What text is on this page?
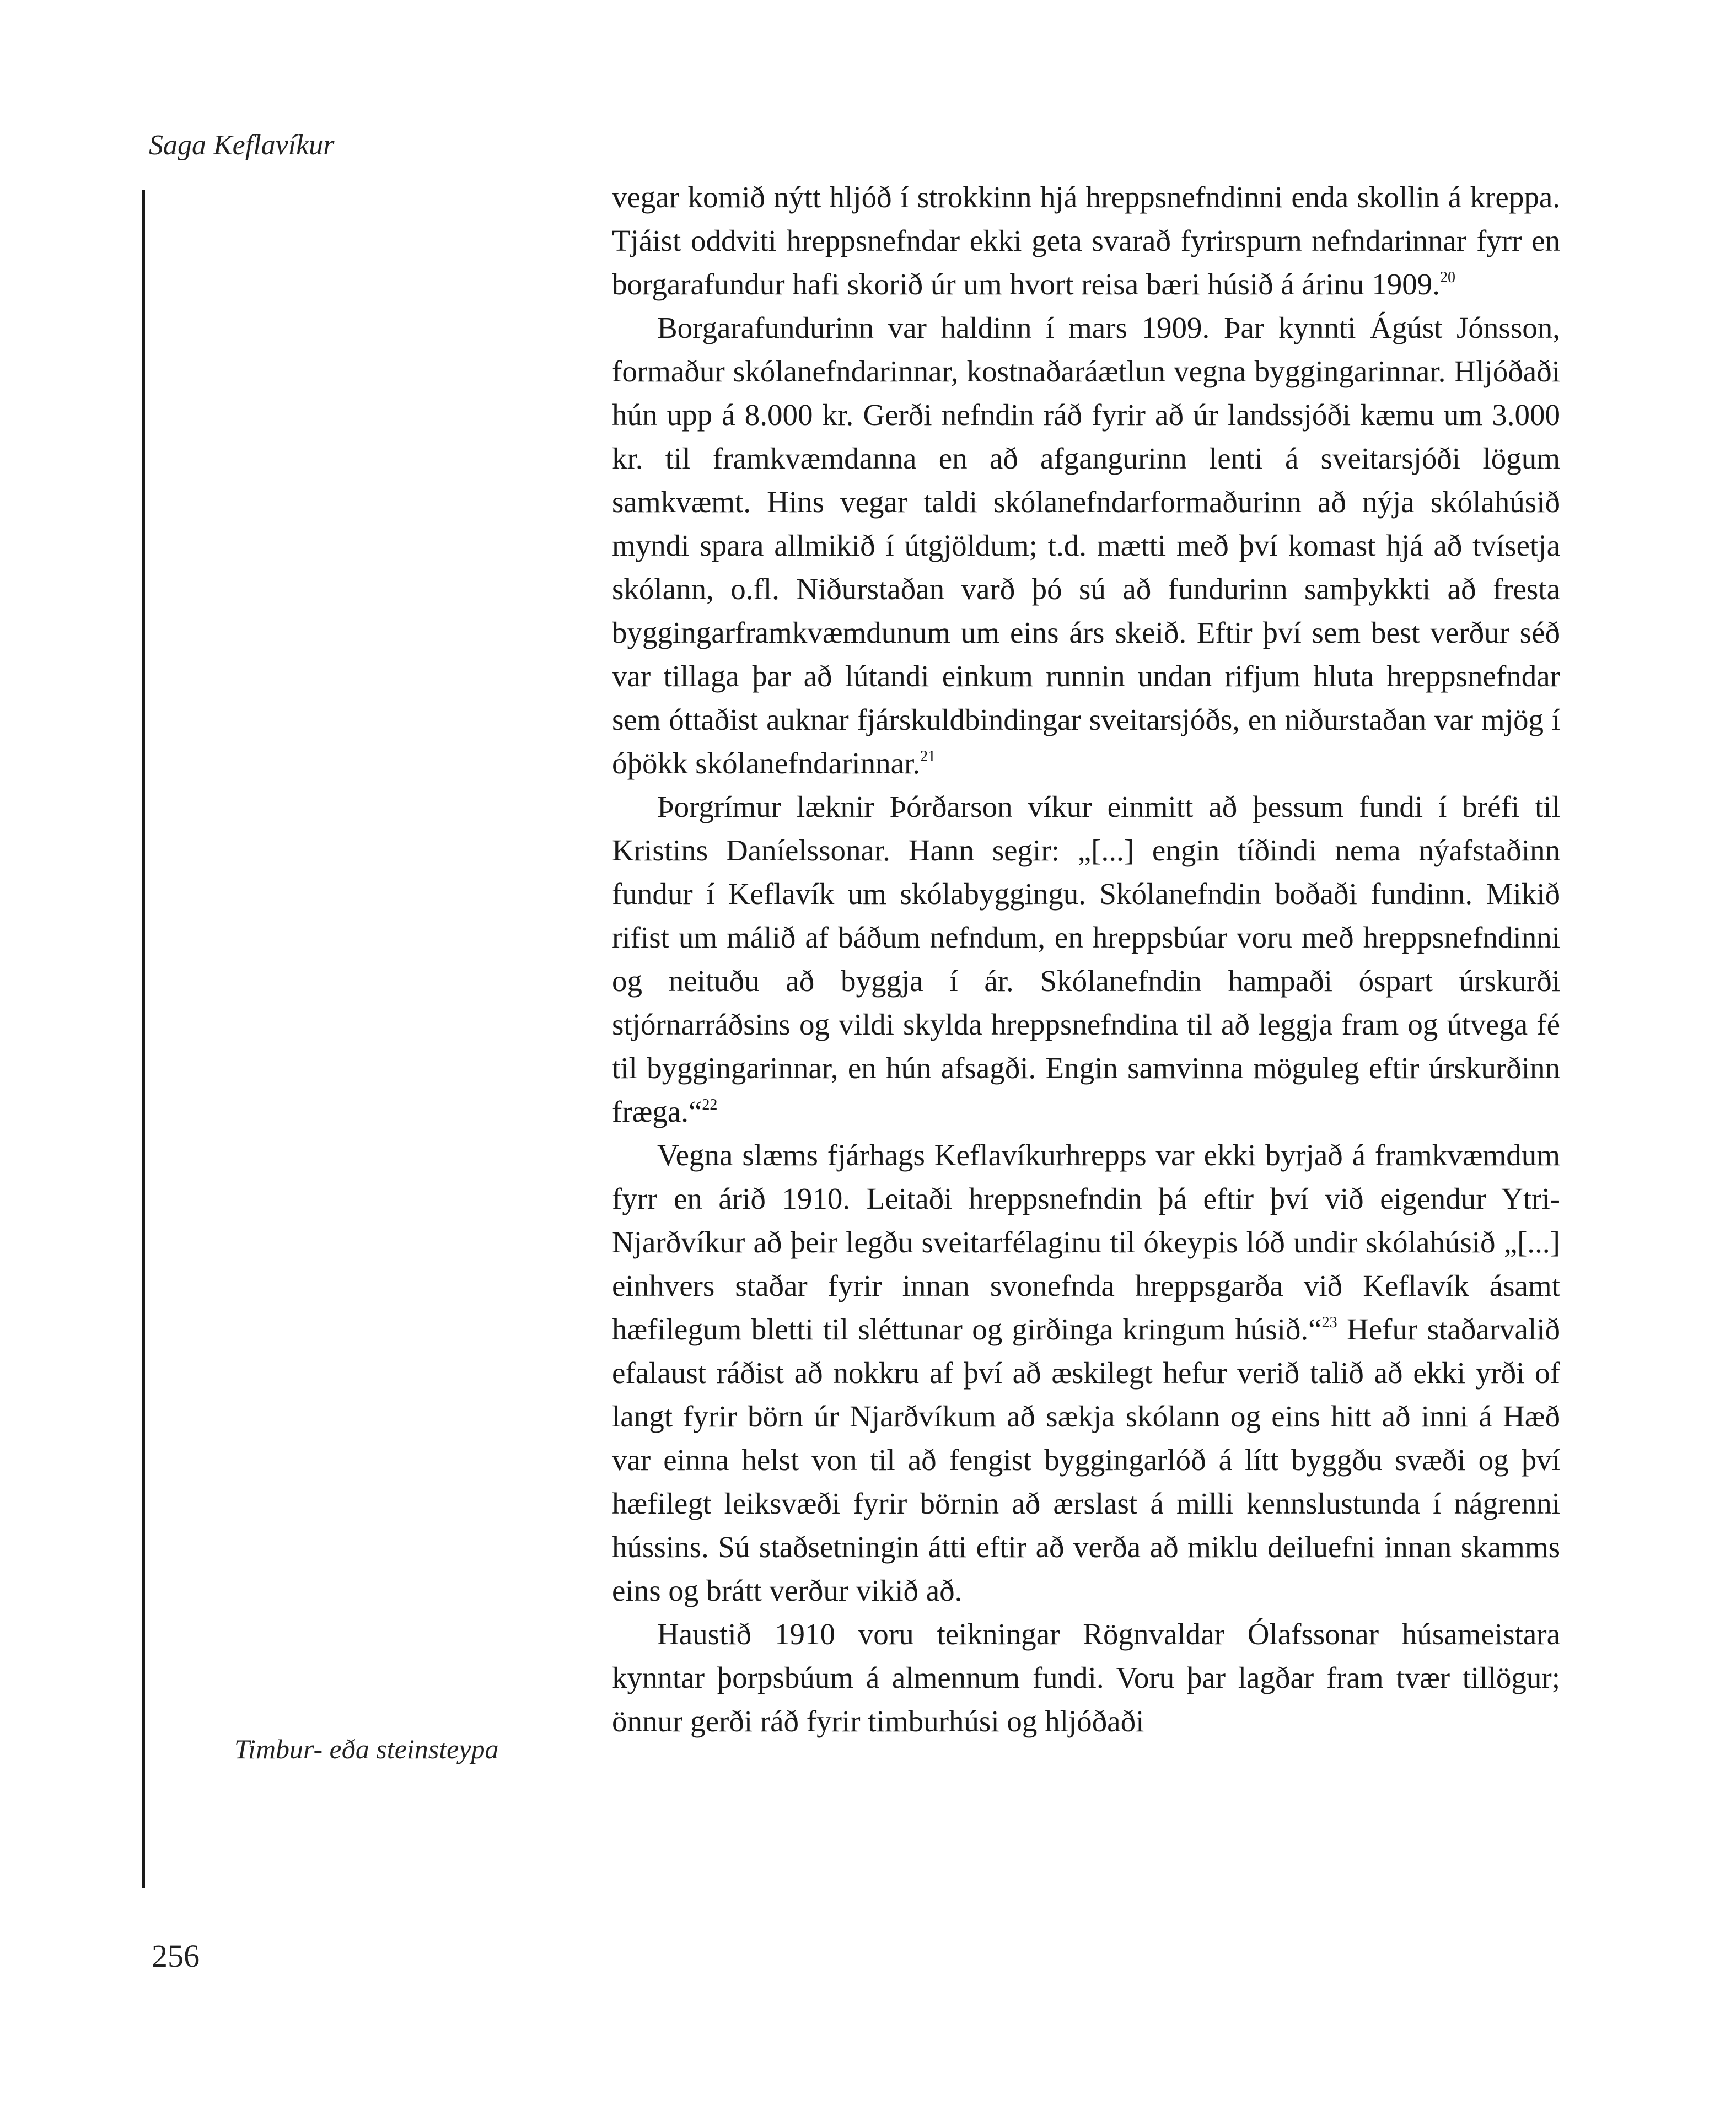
Saga Keflavíkur
Timbur- eða steinsteypa

vegar komið nýtt hljóð í strokkinn hjá hreppsnefndinni enda skollin á kreppa. Tjáist oddviti hreppsnefndar ekki geta svarað fyrirspurn nefndarinnar fyrr en borgarafundur hafi skorið úr um hvort reisa bæri húsið á árinu 1909.20

Borgarafundurinn var haldinn í mars 1909. Þar kynnti Ágúst Jónsson, formaður skólanefndarinnar, kostnaðaráætlun vegna byggingarinnar. Hljóðaði hún upp á 8.000 kr. Gerði nefndin ráð fyrir að úr landssjóði kæmu um 3.000 kr. til framkvæmdanna en að afgangurinn lenti á sveitarsjóði lögum samkvæmt. Hins vegar taldi skólanefndarformaðurinn að nýja skólahúsið myndi spara allmikið í útgjöldum; t.d. mætti með því komast hjá að tvísetja skólann, o.fl. Niðurstaðan varð þó sú að fundurinn samþykkti að fresta byggingarframkvæmdunum um eins árs skeið. Eftir því sem best verður séð var tillaga þar að lútandi einkum runnin undan rifjum hluta hreppsnefndar sem óttaðist auknar fjárskuldbindingar sveitarsjóðs, en niðurstaðan var mjög í óþökk skólanefndarinnar.$^{21}$

Þorgrímur læknir Þórðarson víkur einmitt að þessum fundi í bréfi til Kristins Daníelssonar. Hann segir: „[...] engin tíðindi nema nýafstaðinn fundur í Keflavík um skólabyggingu. Skólanefndin boðaði fundinn. Mikið rifist um málið af báðum nefndum, en hreppsbúar voru með hreppsnefndinni og neituðu að byggja í ár. Skólanefndin hampaði óspart úrskurði stjórnarráðsins og vildi skylda hreppsnefndina til að leggja fram og útvega fé til byggingarinnar, en hún afsagði. Engin samvinna möguleg eftir úrskurðinn fræga.“$^{22}$

Vegna slæms fjárhags Keflavíkurhrepps var ekki byrjað á framkvæmdum fyrr en árið 1910. Leitaði hreppsnefndin þá eftir því við eigendur Ytri-Njarðvíkur að þeir legðu sveitarfélaginu til ókeypis lóð undir skólahúsið „[...] einhvers staðar fyrir innan svonefnda hreppsgarða við Keflavík ásamt hæfilegum bletti til sléttunar og girðinga kringum húsið.“$^{23}$ Hefur staðarvalið efalaust ráðist að nokkru af því að æskilegt hefur verið talið að ekki yrði of langt fyrir börn úr Njarðvíkum að sækja skólann og eins hitt að inni á Hæð var einna helst von til að fengist byggingarlóð á lítt byggðu svæði og því hæfilegt leiksvæði fyrir börnin að ærslast á milli kennslustunda í nágrenni hússins. Sú staðsetningin átti eftir að verða að miklu deiluefni innan skamms eins og brátt verður vikið að.

Haustið 1910 voru teikningar Rögnvaldar Ólafssonar húsameistara kynntar þorpsbúum á almennum fundi. Voru þar lagðar fram tvær tillögur; önnur gerði ráð fyrir timburhúsi og hljóðaði

256
